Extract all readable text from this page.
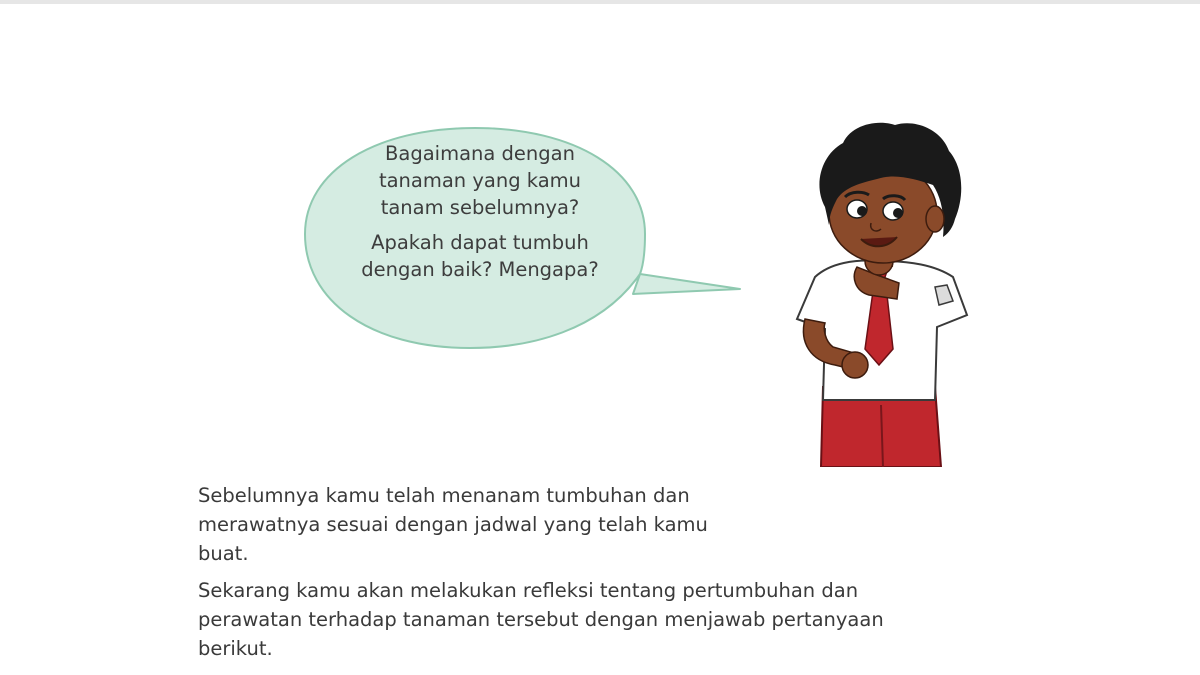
Bagaimana dengan tanaman yang kamu tanam sebelumnya?

Apakah dapat tumbuh dengan baik? Mengapa?

Sebelumnya kamu telah menanam tumbuhan dan merawatnya sesuai dengan jadwal yang telah kamu buat.

Sekarang kamu akan melakukan refleksi tentang pertumbuhan dan perawatan terhadap tanaman tersebut dengan menjawab pertanyaan berikut.
